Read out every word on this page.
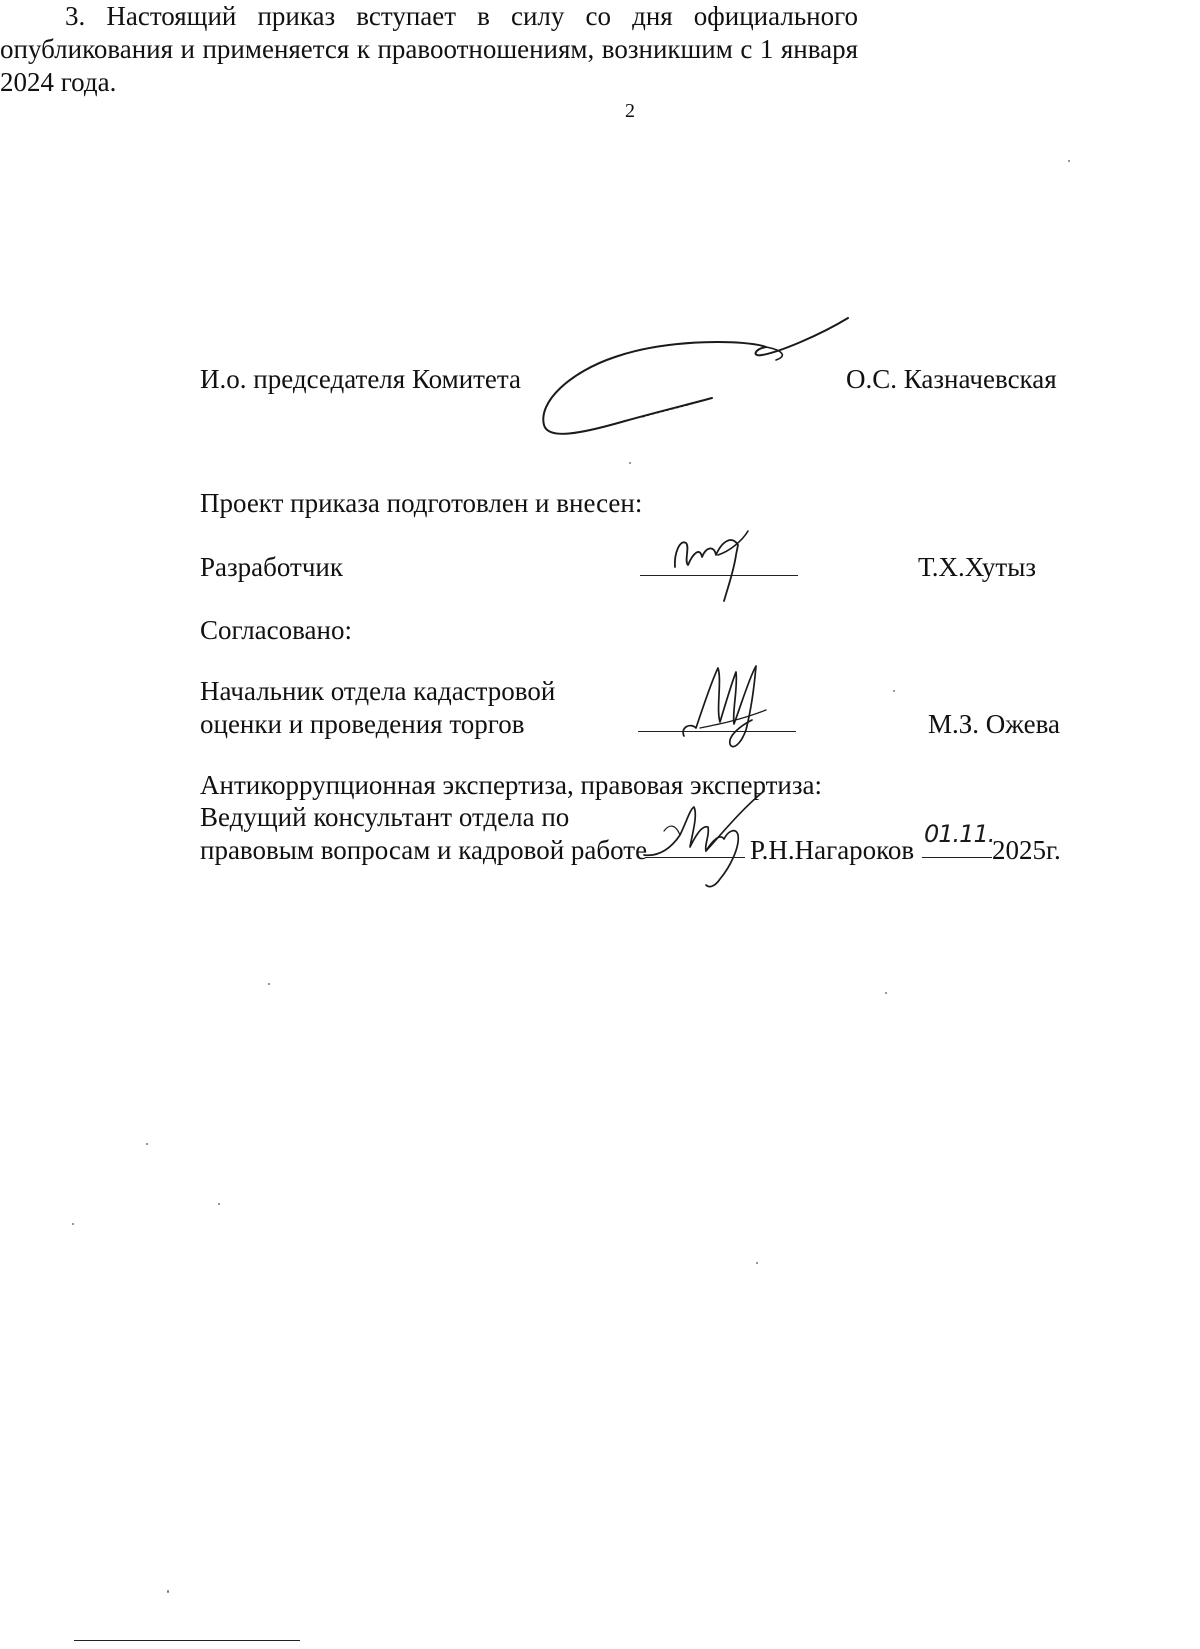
2

3. Настоящий приказ вступает в силу со дня официального опубликования и применяется к правоотношениям, возникшим с 1 января 2024 года.

И.о. председателя Комитета	О.С. Казначевская
Проект приказа подготовлен и внесен:
Разработчик	Т.Х.Хутыз
Согласовано:
Начальник отдела кадастровой
оценки и проведения торгов	М.З. Ожева
Антикоррупционная экспертиза, правовая экспертиза:
Ведущий консультант отдела по
правовым вопросам и кадровой работе	Р.Н.Нагароков
01.11.
2025г.
